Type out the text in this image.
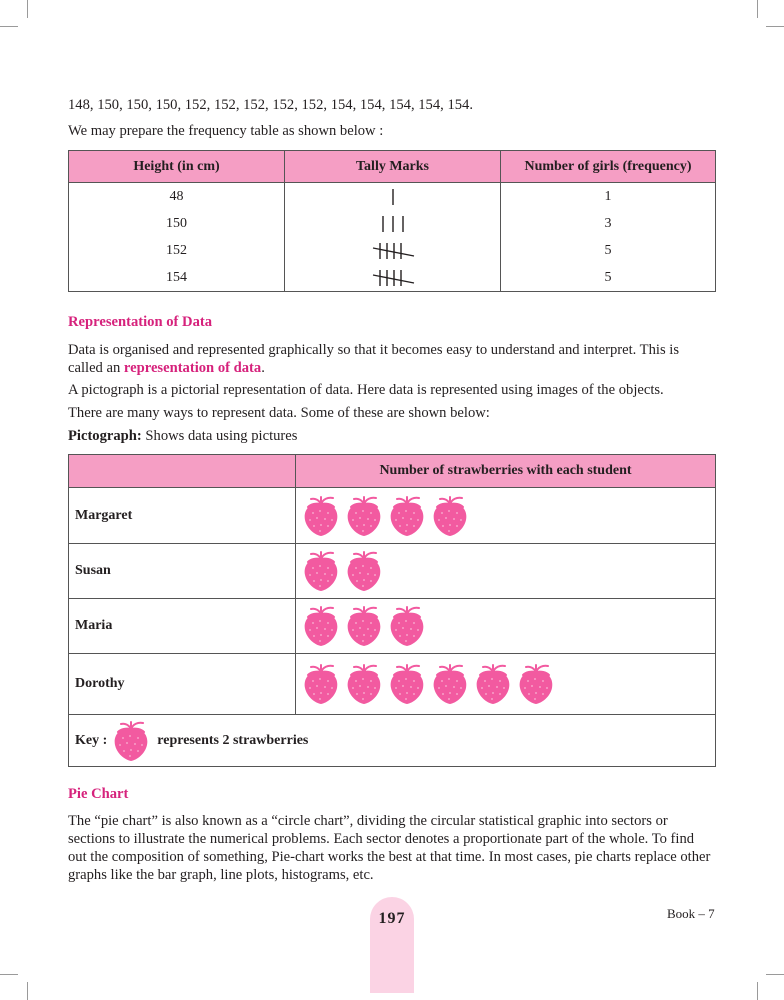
148, 150, 150, 150, 152, 152, 152, 152, 152, 154, 154, 154, 154, 154.

We may prepare the frequency table as shown below :

Height (in cm)	Tally Marks	Number of girls (frequency)
48		1
150		3
152		5
154		5

Representation of Data

Data is organised and represented graphically so that it becomes easy to understand and interpret. This is called an representation of data.

A pictograph is a pictorial representation of data. Here data is represented using images of the objects.

There are many ways to represent data. Some of these are shown below:

Pictograph: Shows data using pictures

	Number of strawberries with each student
Margaret	
Susan	
Maria	
Dorothy	
Key : represents 2 strawberries	

Pie Chart

The “pie chart” is also known as a “circle chart”, dividing the circular statistical graphic into sectors or sections to illustrate the numerical problems. Each sector denotes a proportionate part of the whole. To find out the composition of something, Pie-chart works the best at that time. In most cases, pie charts replace other graphs like the bar graph, line plots, histograms, etc.

197	Book – 7
